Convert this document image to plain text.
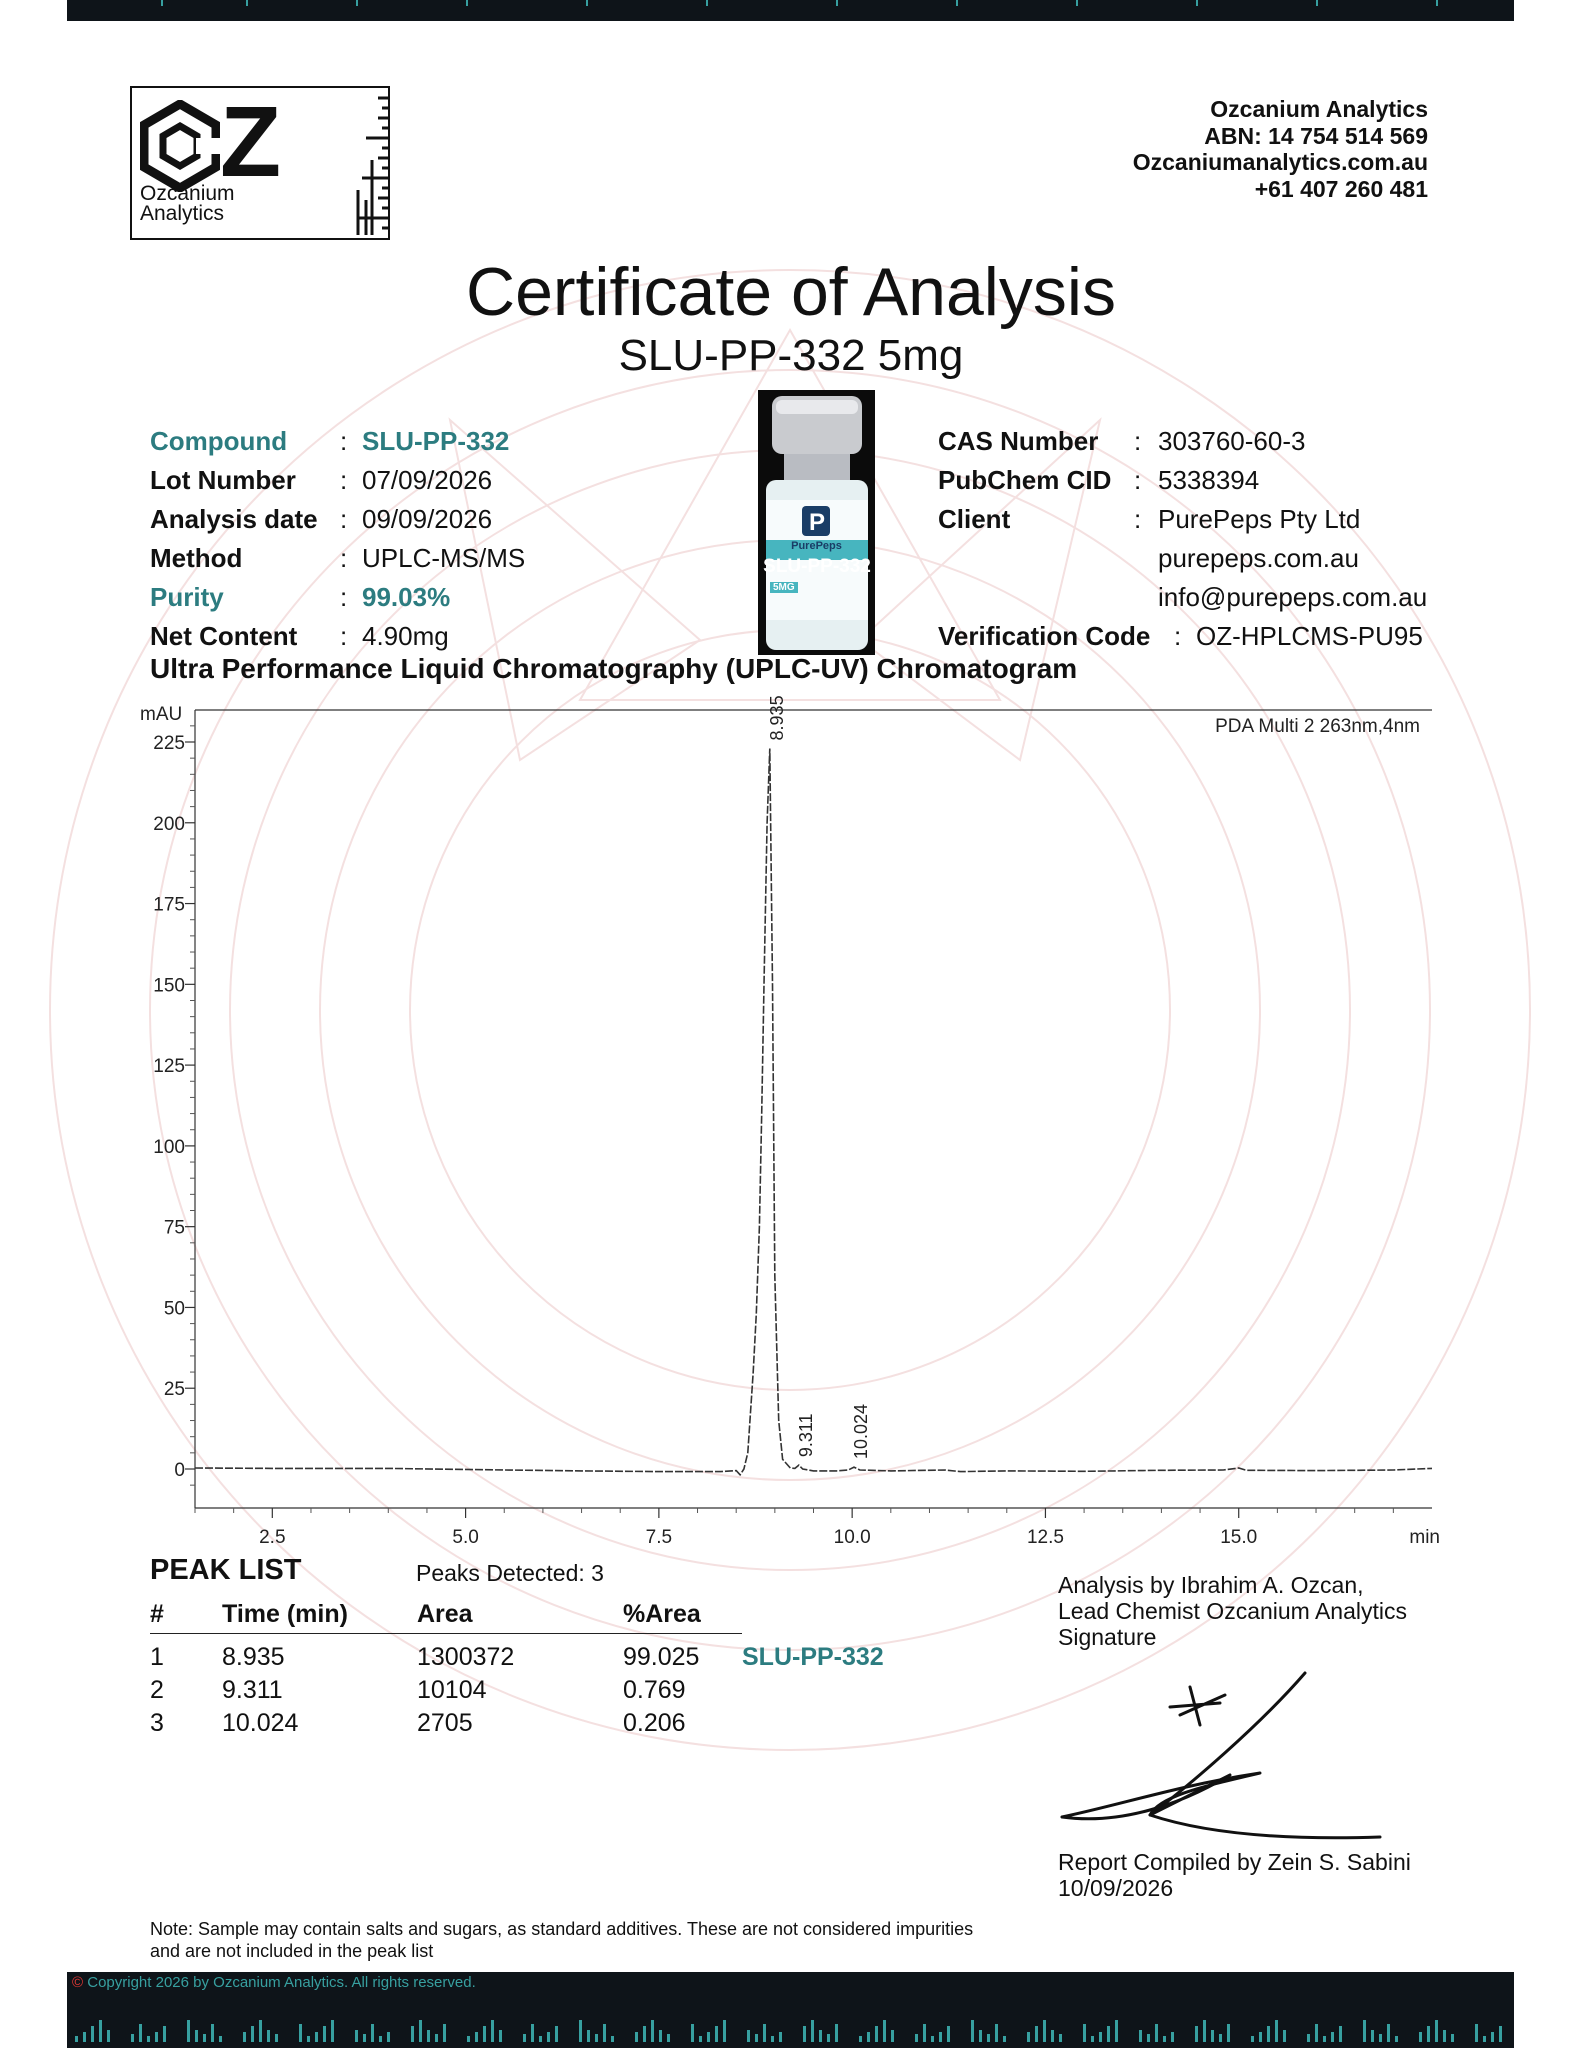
© Copyright 2026 by Ozcanium Analytics. All rights reserved.
Z
Ozcanium
Analytics
Ozcanium Analytics
ABN: 14 754 514 569
Ozcaniumanalytics.com.au
+61 407 260 481
Certificate of Analysis
SLU-PP-332 5mg
P
PurePeps
SLU-PP-332
5MG
Compound : SLU-PP-332
Lot Number : 07/09/2026
Analysis date : 09/09/2026
Method	: UPLC-MS/MS
Purity	: 99.03%
Net Content : 4.90mg
CAS Number : 303760-60-3
PubChem CID : 5338394
Client	: PurePeps Pty Ltd
purepeps.com.au
info@purepeps.com.au
Verification Code : OZ-HPLCMS-PU95
Ultra Performance Liquid Chromatography (UPLC-UV) Chromatogram
0
25
50
75
100
125
150
175
200
225
2.5	5.0	7.5	10.0	12.5	15.0
mAU
min
PDA Multi 2 263nm,4nm
8.935
9.311 10.024
PEAK LIST	Peaks Detected: 3
# Time (min)	Area	%Area
1 8.935	1300372	99.025 SLU-PP-332
2 9.311	10104	0.769
3 10.024	2705	0.206
Analysis by Ibrahim A. Ozcan,
Lead Chemist Ozcanium Analytics
Signature
Report Compiled by Zein S. Sabini
10/09/2026
Note: Sample may contain salts and sugars, as standard additives. These are not considered impurities and are not included in the peak list
